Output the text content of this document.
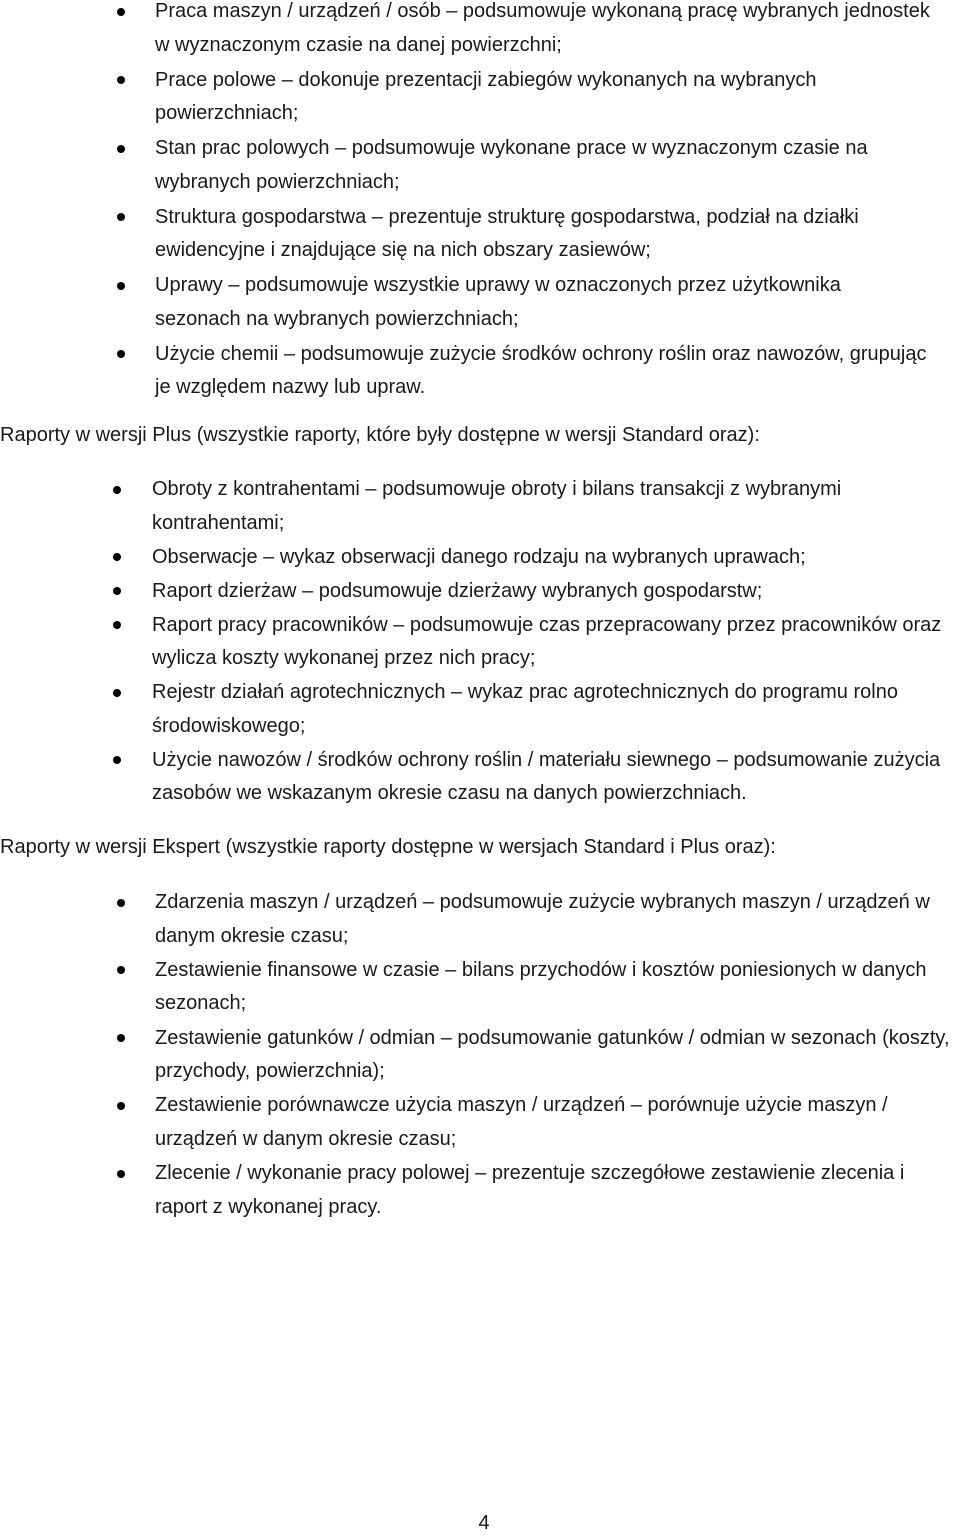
Praca maszyn / urządzeń / osób – podsumowuje wykonaną pracę wybranych jednostek w wyznaczonym czasie na danej powierzchni;
Prace polowe – dokonuje prezentacji zabiegów wykonanych na wybranych powierzchniach;
Stan prac polowych – podsumowuje wykonane prace w wyznaczonym czasie na wybranych powierzchniach;
Struktura gospodarstwa – prezentuje strukturę gospodarstwa, podział na działki ewidencyjne i znajdujące się na nich obszary zasiewów;
Uprawy – podsumowuje wszystkie uprawy w oznaczonych przez użytkownika sezonach na wybranych powierzchniach;
Użycie chemii – podsumowuje zużycie środków ochrony roślin oraz nawozów, grupując je względem nazwy lub upraw.

Raporty w wersji Plus (wszystkie raporty, które były dostępne w wersji Standard oraz):

Obroty z kontrahentami – podsumowuje obroty i bilans transakcji z wybranymi kontrahentami;
Obserwacje – wykaz obserwacji danego rodzaju na wybranych uprawach;
Raport dzierżaw – podsumowuje dzierżawy wybranych gospodarstw;
Raport pracy pracowników – podsumowuje czas przepracowany przez pracowników oraz wylicza koszty wykonanej przez nich pracy;
Rejestr działań agrotechnicznych – wykaz prac agrotechnicznych do programu rolno środowiskowego;
Użycie nawozów / środków ochrony roślin / materiału siewnego – podsumowanie zużycia zasobów we wskazanym okresie czasu na danych powierzchniach.

Raporty w wersji Ekspert (wszystkie raporty dostępne w wersjach Standard i Plus oraz):

Zdarzenia maszyn / urządzeń – podsumowuje zużycie wybranych maszyn / urządzeń w danym okresie czasu;
Zestawienie finansowe w czasie – bilans przychodów i kosztów poniesionych w danych sezonach;
Zestawienie gatunków / odmian – podsumowanie gatunków / odmian w sezonach (koszty, przychody, powierzchnia);
Zestawienie porównawcze użycia maszyn / urządzeń – porównuje użycie maszyn / urządzeń w danym okresie czasu;
Zlecenie / wykonanie pracy polowej – prezentuje szczegółowe zestawienie zlecenia i raport z wykonanej pracy.
4
